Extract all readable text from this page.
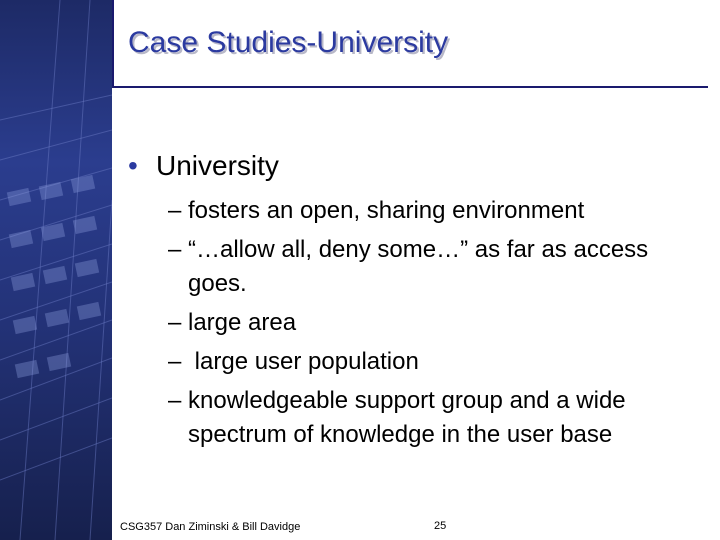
Case Studies-University
• University
– fosters an open, sharing environment
– “…allow all, deny some…” as far as access goes.
– large area
– large user population
– knowledgeable support group and a wide spectrum of knowledge in the user base
CSG357 Dan Ziminski & Bill Davidge	25
